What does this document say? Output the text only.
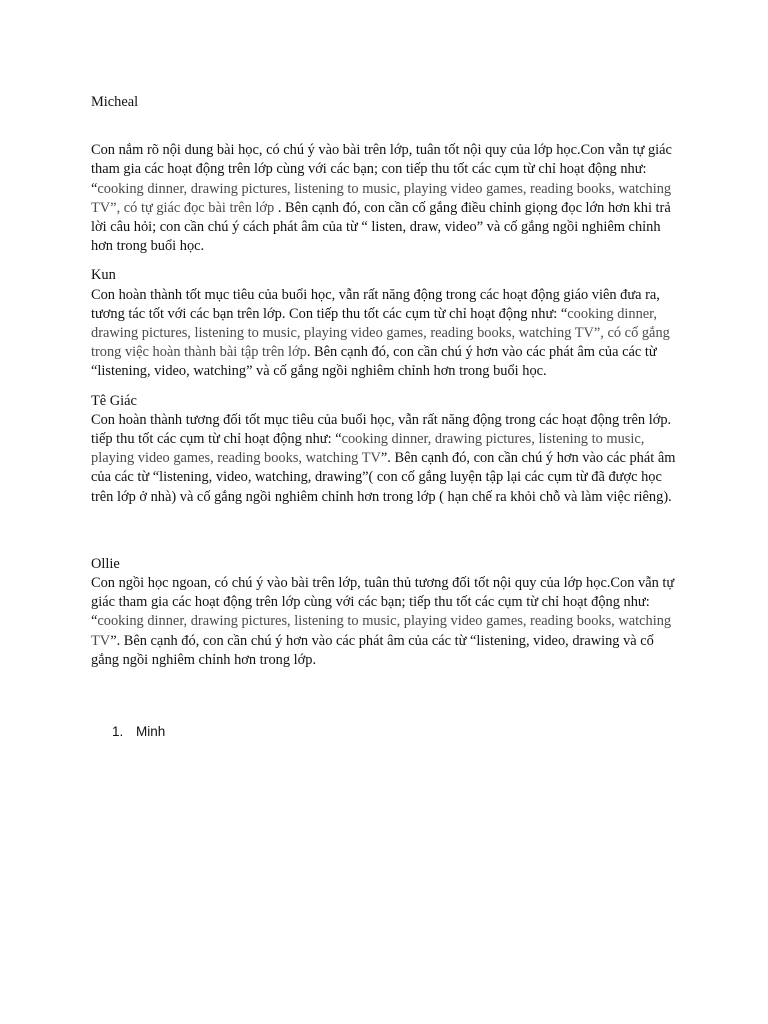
Micheal

Con nắm rõ nội dung bài học, có chú ý vào bài trên lớp, tuân tốt nội quy của lớp học.Con vẫn tự giác tham gia các hoạt động trên lớp cùng với các bạn; con tiếp thu tốt các cụm từ chỉ hoạt động như: “cooking dinner, drawing pictures, listening to music, playing video games, reading books, watching TV”, có tự giác đọc bài trên lớp . Bên cạnh đó, con cần cố gắng điều chỉnh giọng đọc lớn hơn khi trả lời câu hỏi; con cần chú ý cách phát âm của từ “ listen, draw, video” và cố gắng ngồi nghiêm chỉnh hơn trong buổi học.

Kun

Con hoàn thành tốt mục tiêu của buổi học, vẫn rất năng động trong các hoạt động giáo viên đưa ra, tương tác tốt với các bạn trên lớp. Con tiếp thu tốt các cụm từ chỉ hoạt động như: “cooking dinner, drawing pictures, listening to music, playing video games, reading books, watching TV”, có cố gắng trong việc hoàn thành bài tập trên lớp. Bên cạnh đó, con cần chú ý hơn vào các phát âm của các từ “listening, video, watching” và cố gắng ngồi nghiêm chỉnh hơn trong buổi học.

Tê Giác

Con hoàn thành tương đối tốt mục tiêu của buổi học, vẫn rất năng động trong các hoạt động trên lớp. tiếp thu tốt các cụm từ chỉ hoạt động như: “cooking dinner, drawing pictures, listening to music, playing video games, reading books, watching TV”. Bên cạnh đó, con cần chú ý hơn vào các phát âm của các từ “listening, video, watching, drawing”( con cố gắng luyện tập lại các cụm từ đã được học trên lớp ở nhà) và cố gắng ngồi nghiêm chỉnh hơn trong lớp ( hạn chế ra khỏi chỗ và làm việc riêng).

Ollie

Con ngồi học ngoan, có chú ý vào bài trên lớp, tuân thủ tương đối tốt nội quy của lớp học.Con vẫn tự giác tham gia các hoạt động trên lớp cùng với các bạn; tiếp thu tốt các cụm từ chỉ hoạt động như: “cooking dinner, drawing pictures, listening to music, playing video games, reading books, watching TV”. Bên cạnh đó, con cần chú ý hơn vào các phát âm của các từ “listening, video, drawing và cố gắng ngồi nghiêm chỉnh hơn trong lớp.

1. Minh
